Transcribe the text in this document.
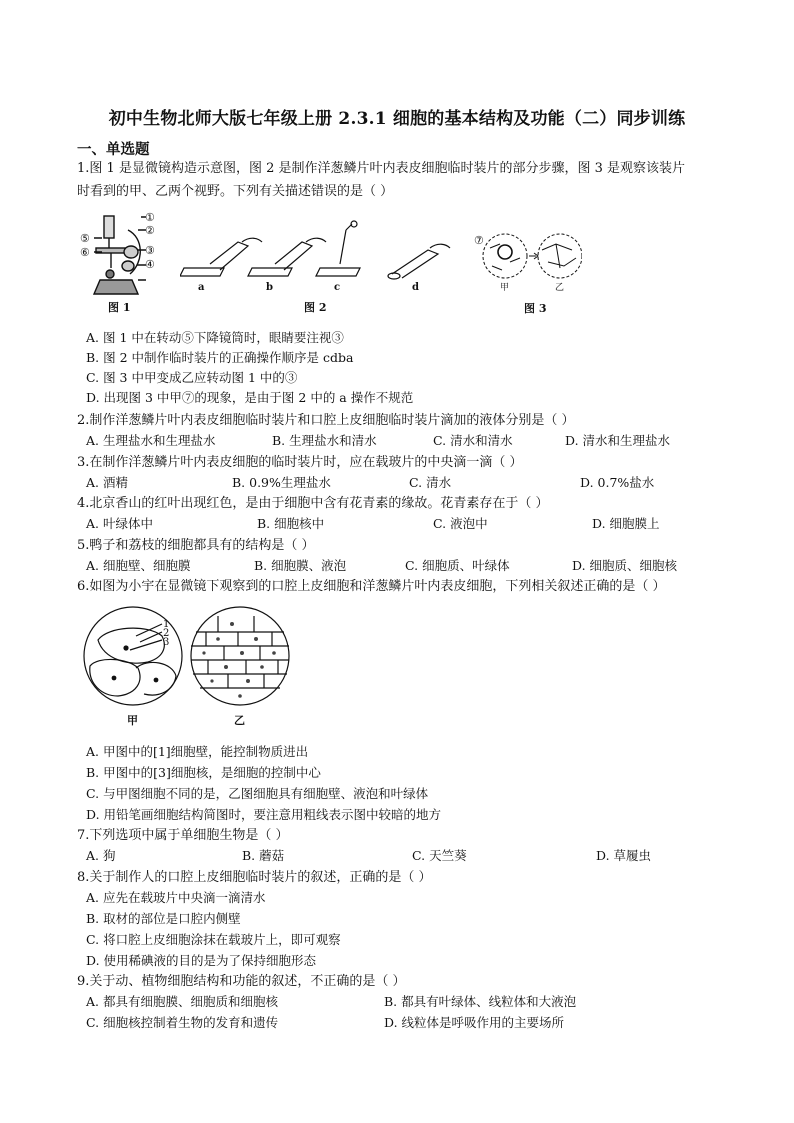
初中生物北师大版七年级上册 2.3.1 细胞的基本结构及功能（二）同步训练
一、单选题
1.图 1 是显微镜构造示意图，图 2 是制作洋葱鳞片叶内表皮细胞临时装片的部分步骤，图 3 是观察该装片
时看到的甲、乙两个视野。下列有关描述错误的是（ ）
①
②
③
④
⑤
⑥
图 1
a	b	c	d
图 2
⑦
甲	乙
图 3
A. 图 1 中在转动⑤下降镜筒时，眼睛要注视③
B. 图 2 中制作临时装片的正确操作顺序是 cdba
C. 图 3 中甲变成乙应转动图 1 中的③
D. 出现图 3 中甲⑦的现象，是由于图 2 中的 a 操作不规范
2.制作洋葱鳞片叶内表皮细胞临时装片和口腔上皮细胞临时装片滴加的液体分别是（ ）
A. 生理盐水和生理盐水	B. 生理盐水和清水	C. 清水和清水	D. 清水和生理盐水
3.在制作洋葱鳞片叶内表皮细胞的临时装片时，应在载玻片的中央滴一滴（ ）
A. 酒精	B. 0.9%生理盐水	C. 清水	D. 0.7%盐水
4.北京香山的红叶出现红色，是由于细胞中含有花青素的缘故。花青素存在于（ ）
A. 叶绿体中	B. 细胞核中	C. 液泡中	D. 细胞膜上
5.鸭子和荔枝的细胞都具有的结构是（ ）
A. 细胞壁、细胞膜	B. 细胞膜、液泡	C. 细胞质、叶绿体	D. 细胞质、细胞核
6.如图为小宇在显微镜下观察到的口腔上皮细胞和洋葱鳞片叶内表皮细胞，下列相关叙述正确的是（ ）
1
2
3
甲	乙
A. 甲图中的[1]细胞壁，能控制物质进出
B. 甲图中的[3]细胞核，是细胞的控制中心
C. 与甲图细胞不同的是，乙图细胞具有细胞壁、液泡和叶绿体
D. 用铅笔画细胞结构简图时，要注意用粗线表示图中较暗的地方
7.下列选项中属于单细胞生物是（ ）
A. 狗	B. 蘑菇	C. 天竺葵	D. 草履虫
8.关于制作人的口腔上皮细胞临时装片的叙述，正确的是（ ）
A. 应先在载玻片中央滴一滴清水
B. 取材的部位是口腔内侧壁
C. 将口腔上皮细胞涂抹在载玻片上，即可观察
D. 使用稀碘液的目的是为了保持细胞形态
9.关于动、植物细胞结构和功能的叙述，不正确的是（ ）
A. 都具有细胞膜、细胞质和细胞核	B. 都具有叶绿体、线粒体和大液泡
C. 细胞核控制着生物的发育和遗传	D. 线粒体是呼吸作用的主要场所
